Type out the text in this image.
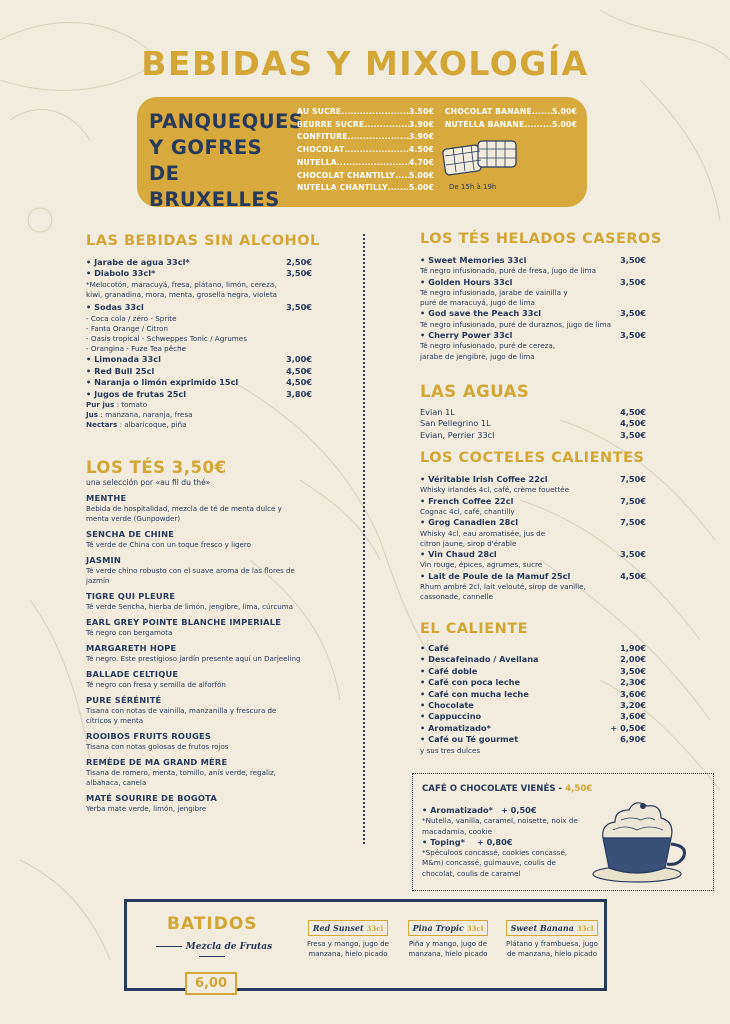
BEBIDAS Y MIXOLOGÍA
PANQUEQUES
Y GOFRES
DE BRUXELLES
AU SUCRE .....	3.50€
BEURRE SUCRE .....	3.90€
CONFITURE .....	3.90€
CHOCOLAT .....	4.50€
NUTELLA .....	4.70€
CHOCOLAT CHANTILLY ..... 5.00€
NUTELLA CHANTILLY .....	5.00€
CHOCOLAT BANANE .....	5.00€
NUTELLA BANANE .....	5.00€
De 15h à 19h
LAS BEBIDAS SIN ALCOHOL
• Jarabe de agua 33cl*	2,50€
• Diabolo 33cl*	3,50€
*Melocotón, maracuyá, fresa, plátano, limón, cereza, kiwi, granadina, mora, menta, grosella negra, violeta
• Sodas 33cl	3,50€
- Coca cola / zéro - Sprite
- Fanta Orange / Citron
- Oasis tropical - Schweppes Tonic / Agrumes
- Orangina - Fuze Tea pêche
• Limonada 33cl	3,00€
• Red Bull 25cl	4,50€
• Naranja o limón exprimido 15cl	4,50€
• Jugos de frutas 25cl	3,80€
Pur jus : tomato
Jus : manzana, naranja, fresa
Nectars : albaricoque, piña
LOS TÉS 3,50€
una selección por «au fil du thé»
MENTHE
Bebida de hospitalidad, mezcla de té de menta dulce y menta verde (Gunpowder)
SENCHA DE CHINE
Té verde de China con un toque fresco y ligero
JASMIN
Té verde chino robusto con el suave aroma de las flores de jazmín
TIGRE QUI PLEURE
Té verde Sencha, hierba de limón, jengibre, lima, cúrcuma
EARL GREY POINTE BLANCHE IMPERIALE
Té negro con bergamota
MARGARETH HOPE
Té negro. Este prestigioso jardín presente aquí un Darjeeling
BALLADE CELTIQUE
Té negro con fresa y semilla de alforfón
PURE SÉRÉNITÉ
Tisana con notas de vainilla, manzanilla y frescura de cítricos y menta
ROOIBOS FRUITS ROUGES
Tisana con notas golosas de frutos rojos
REMÈDE DE MA GRAND MÈRE
Tisana de romero, menta, tomillo, anís verde, regaliz, albahaca, canela
MATÉ SOURIRE DE BOGOTA
Yerba mate verde, limón, jengibre
LOS TÉS HELADOS CASEROS
• Sweet Memories 33cl	3,50€
Té negro infusionado, puré de fresa, jugo de lima
• Golden Hours 33cl	3,50€
Té negro infusionado, jarabe de vainilla y puré de maracuyá, jugo de lima
• God save the Peach 33cl	3,50€
Té negro infusionado, puré de duraznos, jugo de lima
• Cherry Power 33cl	3,50€
Té negro infusionado, puré de cereza, jarabe de jengibre, jugo de lima
LAS AGUAS
Evian 1L	4,50€
San Pellegrino 1L	4,50€
Evian, Perrier 33cl	3,50€
LOS COCTELES CALIENTES
• Véritable Irish Coffee 22cl	7,50€
Whisky irlandés 4cl, café, crème fouettée
• French Coffee 22cl	7,50€
Cognac 4cl, café, chantilly
• Grog Canadien 28cl	7,50€
Whisky 4cl, eau aromatisée, jus de citron jaune, sirop d'érable
• Vin Chaud 28cl	3,50€
Vin rouge, épices, agrumes, sucre
• Lait de Poule de la Mamuf 25cl	4,50€
Rhum ambré 2cl, lait velouté, sirop de vanille, cassonade, cannelle
EL CALIENTE
• Café	1,90€
• Descafeinado / Avellana	2,00€
• Café doble	3,50€
• Café con poca leche	2,30€
• Café con mucha leche	3,60€
• Chocolate	3,20€
• Cappuccino	3,60€
• Aromatizado*	+ 0,50€
• Café ou Té gourmet	6,90€
y sus tres dulces
CAFÉ O CHOCOLATE VIENÉS - 4,50€
• Aromatizado* + 0,50€
*Nutella, vanilla, caramel, noisette, noix de macadamia, cookie
• Toping* + 0,80€
*Spéculoos concassé, cookies concassé, M&m) concassé, guimauve, coulis de chocolat, coulis de caramel
BATIDOS
Mezcla de Frutas
6,00
Red Sunset 33cl
Fresa y mango, jugo de manzana, hielo picado
Pina Tropic 33cl
Piña y mango, jugo de manzana, hielo picado
Sweet Banana 33cl
Plátano y frambuesa, jugo de manzana, hielo picado
